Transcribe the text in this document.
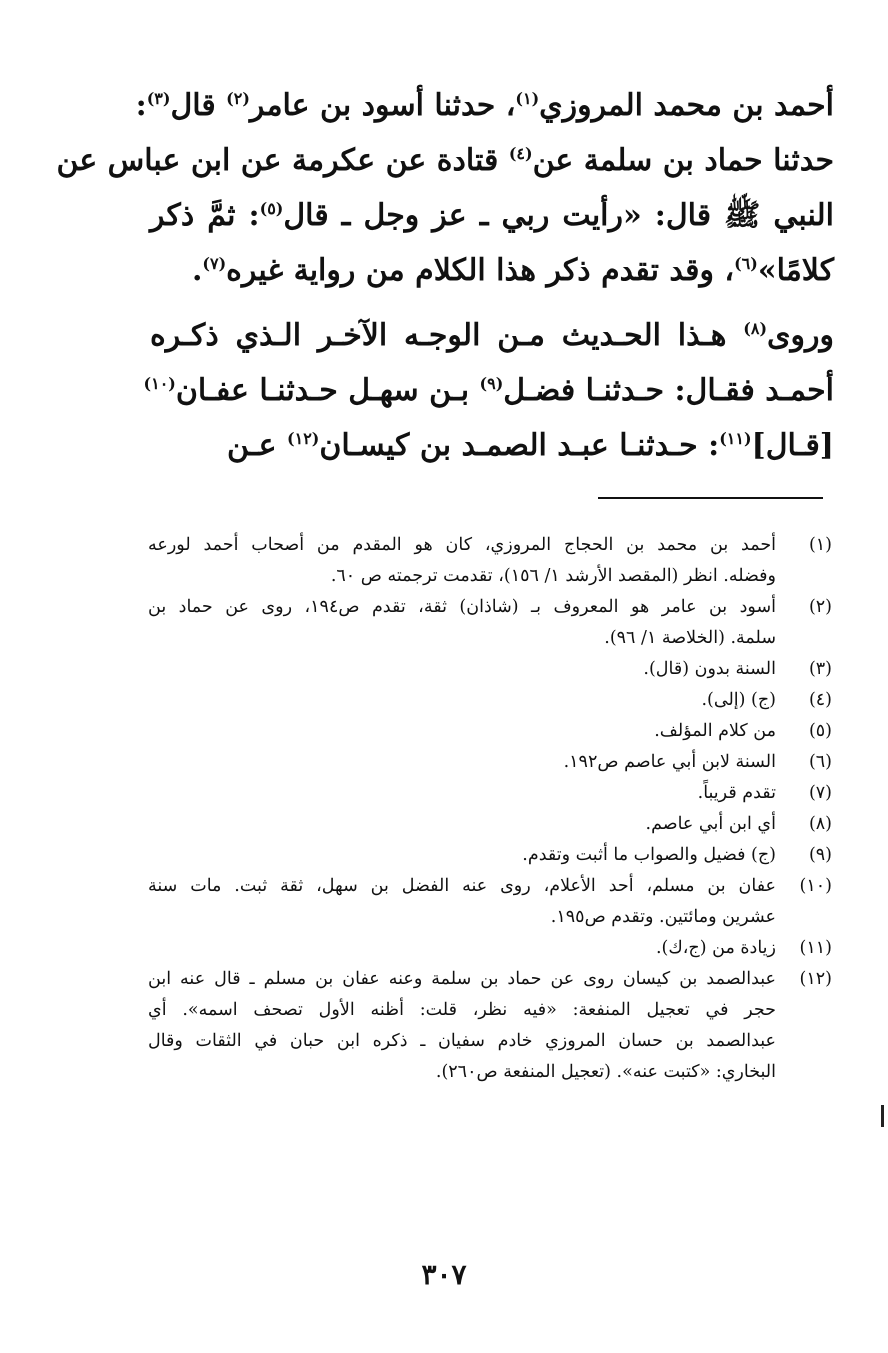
أحمد بن محمد المروزي$^{(١)}$، حدثنا أسود بن عامر$^{(٢)}$ قال$^{(٣)}$:
حدثنا حماد بن سلمة عن$^{(٤)}$ قتادة عن عكرمة عن ابن عباس عن
النبي ﷺ قال: «رأيت ربي ـ عز وجل ـ قال$^{(٥)}$: ثمَّ ذكر
كلامًا»$^{(٦)}$، وقد تقدم ذكر هذا الكلام من رواية غيره$^{(٧)}$.
وروى$^{(٨)}$ هـذا الحـديث مـن الوجـه الآخـر الـذي ذكـره
أحمـد فقـال: حـدثنـا فضـل$^{(٩)}$ بـن سهـل حـدثنـا عفـان$^{(١٠)}$
[قـال]$^{(١١)}$: حـدثنـا عبـد الصمـد بن كيسـان$^{(١٢)}$ عـن
(١)
أحمد بن محمد بن الحجاج المروزي، كان هو المقدم من أصحاب أحمد لورعه
وفضله. انظر (المقصد الأرشد ١/ ١٥٦)، تقدمت ترجمته ص ٦٠.
(٢)
أسود بن عامر هو المعروف بـ (شاذان) ثقة، تقدم ص١٩٤، روى عن حماد بن
سلمة. (الخلاصة ١/ ٩٦).
(٣)
السنة بدون (قال).
(٤)
(ج) (إلى).
(٥)
من كلام المؤلف.
(٦)
السنة لابن أبي عاصم ص١٩٢.
(٧)
تقدم قريباً.
(٨)
أي ابن أبي عاصم.
(٩)
(ج) فضيل والصواب ما أثبت وتقدم.
(١٠)
عفان بن مسلم، أحد الأعلام، روى عنه الفضل بن سهل، ثقة ثبت. مات سنة
عشرين ومائتين. وتقدم ص١٩٥.
(١١)
زيادة من (ج،ك).
(١٢)
عبدالصمد بن كيسان روى عن حماد بن سلمة وعنه عفان بن مسلم ـ قال عنه ابن
حجر في تعجيل المنفعة: «فيه نظر، قلت: أظنه الأول تصحف اسمه». أي
عبدالصمد بن حسان المروزي خادم سفيان ـ ذكره ابن حبان في الثقات وقال
البخاري: «كتبت عنه». (تعجيل المنفعة ص٢٦٠).
٣٠٧
